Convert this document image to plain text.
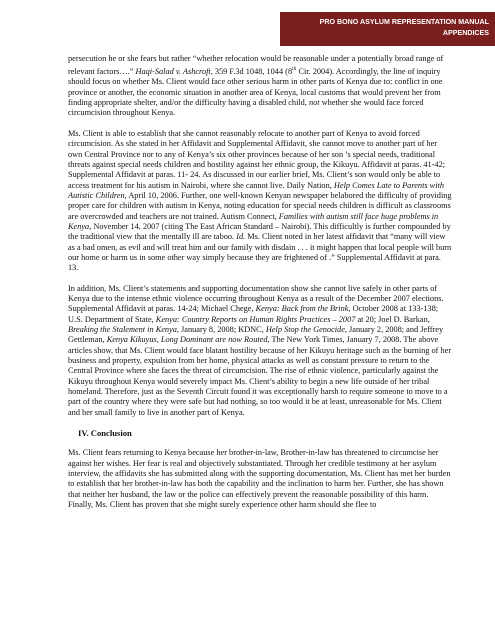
PRO BONO ASYLUM REPRESENTATION MANUAL
APPENDICES

persecution he or she fears but rather “whether relocation would be reasonable under a potentially broad range of relevant factors….” Haqi-Salad v. Ashcroft, 359 F.3d 1048, 1044 (8th Cir. 2004). Accordingly, the line of inquiry should focus on whether Ms. Client would face other serious harm in other parts of Kenya due to: conflict in one province or another, the economic situation in another area of Kenya, local customs that would prevent her from finding appropriate shelter, and/or the difficulty having a disabled child, not whether she would face forced circumcision throughout Kenya.

Ms. Client is able to establish that she cannot reasonably relocate to another part of Kenya to avoid forced circumcision. As she stated in her Affidavit and Supplemental Affidavit, she cannot move to another part of her own Central Province nor to any of Kenya’s six other provinces because of her son ’s special needs, traditional threats against special needs children and hostility against her ethnic group, the Kikuyu. Affidavit at paras. 41-42; Supplemental Affidavit at paras. 11- 24. As discussed in our earlier brief, Ms. Client’s son would only be able to access treatment for his autism in Nairobi, where she cannot live. Daily Nation, Help Comes Late to Parents with Autistic Children, April 10, 2006. Further, one well-known Kenyan newspaper belabored the difficulty of providing proper care for children with autism in Kenya, noting education for special needs children is difficult as classrooms are overcrowded and teachers are not trained. Autism Connect, Families with autism still face huge problems in Kenya, November 14, 2007 (citing The East African Standard – Nairobi). This difficultly is further compounded by the traditional view that the mentally ill are taboo. Id. Ms. Client noted in her latest affidavit that “many will view as a bad omen, as evil and will treat him and our family with disdain . . . it might happen that local people will burn our home or harm us in some other way simply because they are frightened of .” Supplemental Affidavit at para. 13.

In addition, Ms. Client’s statements and supporting documentation show she cannot live safely in other parts of Kenya due to the intense ethnic violence occurring throughout Kenya as a result of the December 2007 elections. Supplemental Affidavit at paras. 14-24; Michael Chege, Kenya: Back from the Brink, October 2008 at 133-138; U.S. Department of State, Kenya: Country Reports on Human Rights Practices – 2007 at 20; Joel D. Barkan, Breaking the Stalement in Kenya, January 8, 2008; KDNC, Help Stop the Genocide, January 2, 2008; and Jeffrey Gettleman, Kenya Kikuyus, Long Dominant are now Routed, The New York Times, January 7, 2008. The above articles show, that Ms. Client would face blatant hostility because of her Kikuyu heritage such as the burning of her business and property, expulsion from her home, physical attacks as well as constant pressure to return to the Central Province where she faces the threat of circumcision. The rise of ethnic violence, particularly against the Kikuyu throughout Kenya would severely impact Ms. Client’s ability to begin a new life outside of her tribal homeland. Therefore, just as the Seventh Circuit found it was exceptionally harsh to require someone to move to a part of the country where they were safe but had nothing, so too would it be at least, unreasonable for Ms. Client and her small family to live in another part of Kenya.

IV. Conclusion

Ms. Client fears returning to Kenya because her brother-in-law, Brother-in-law has threatened to circumcise her against her wishes. Her fear is real and objectively substantiated. Through her credible testimony at her asylum interview, the affidavits she has submitted along with the supporting documentation, Ms. Client has met her burden to establish that her brother-in-law has both the capability and the inclination to harm her. Further, she has shown that neither her husband, the law or the police can effectively prevent the reasonable possibility of this harm. Finally, Ms. Client has proven that she might surely experience other harm should she flee to
